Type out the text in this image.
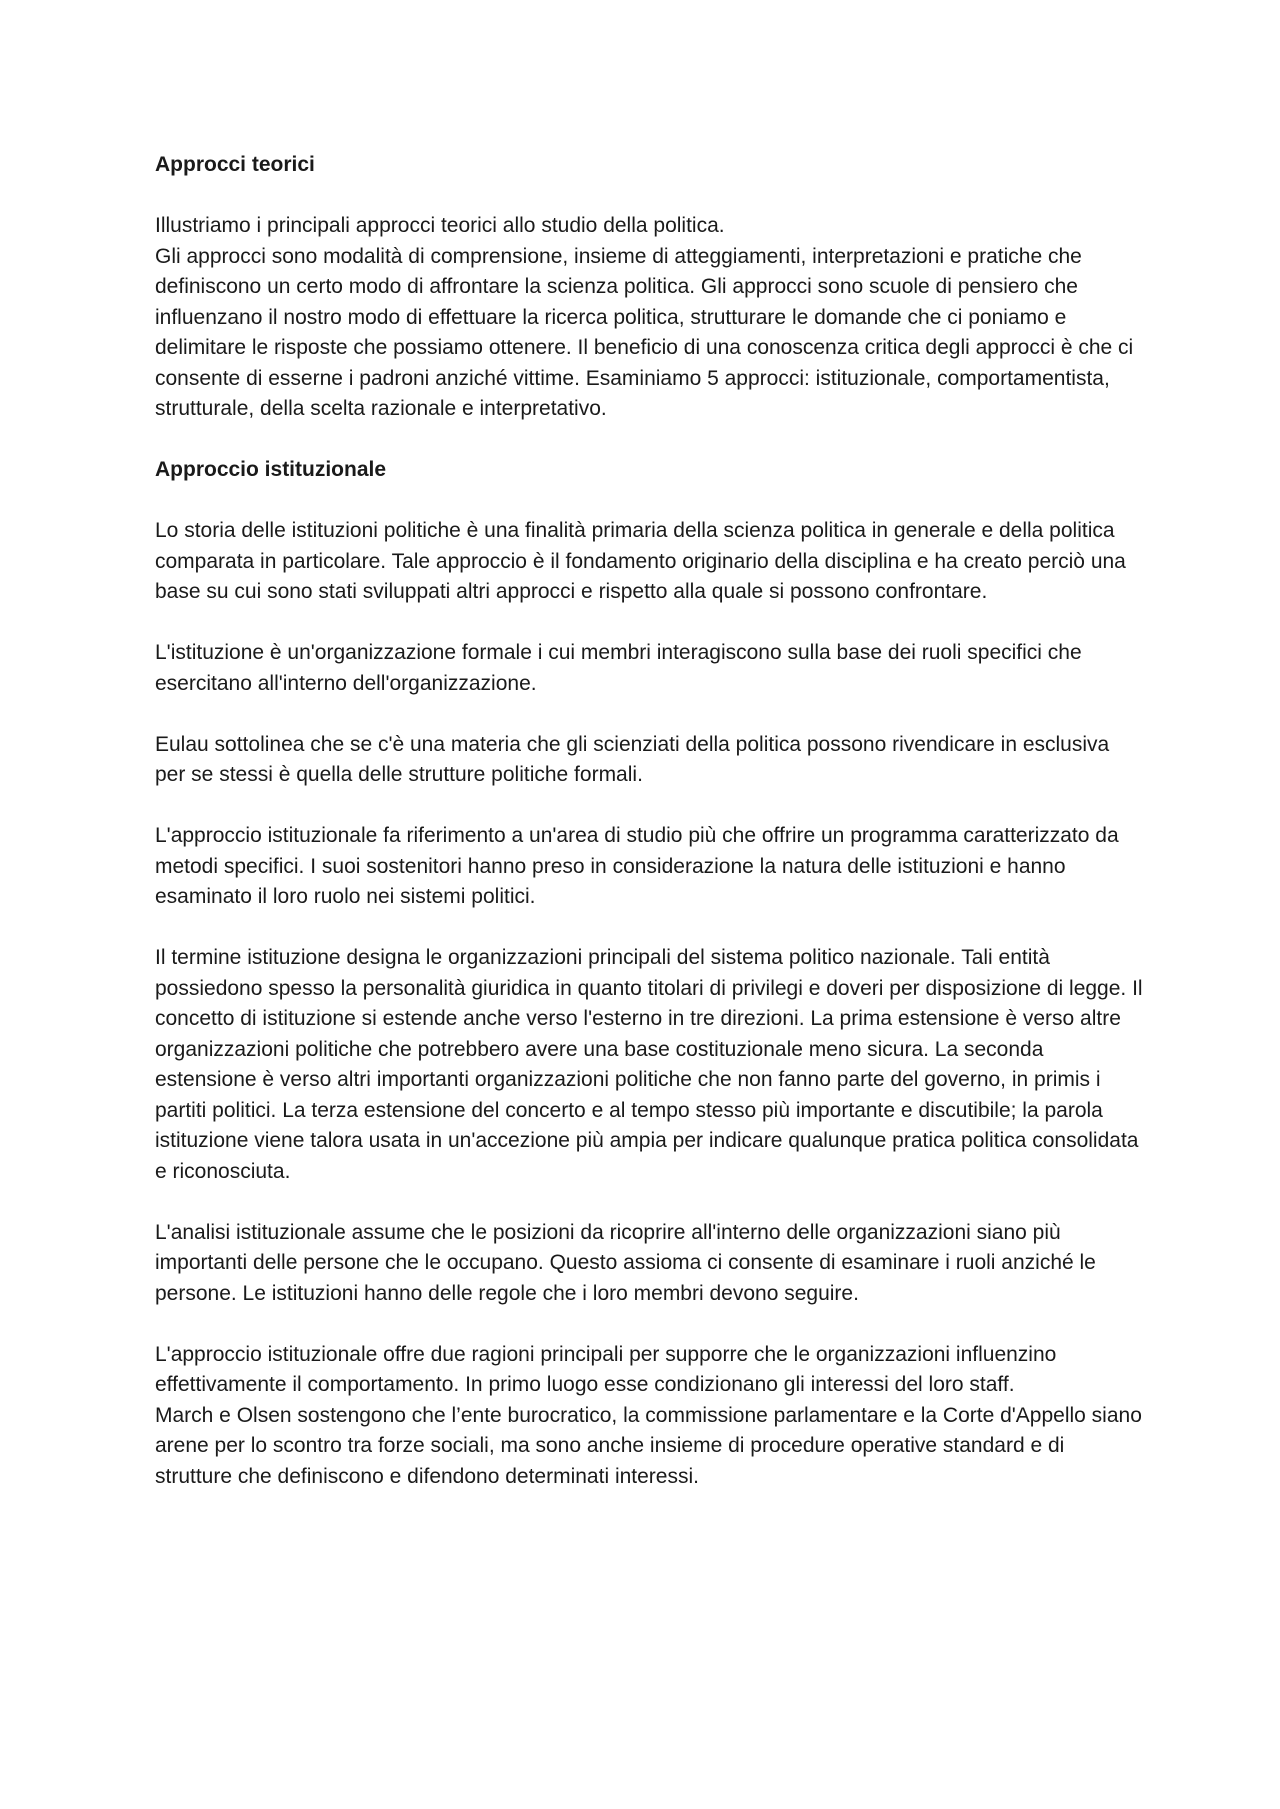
Approcci teorici

Illustriamo i principali approcci teorici allo studio della politica.

Gli approcci sono modalità di comprensione, insieme di atteggiamenti, interpretazioni e pratiche che definiscono un certo modo di affrontare la scienza politica. Gli approcci sono scuole di pensiero che influenzano il nostro modo di effettuare la ricerca politica, strutturare le domande che ci poniamo e delimitare le risposte che possiamo ottenere. Il beneficio di una conoscenza critica degli approcci è che ci consente di esserne i padroni anziché vittime. Esaminiamo 5 approcci: istituzionale, comportamentista, strutturale, della scelta razionale e interpretativo.

Approccio istituzionale

Lo storia delle istituzioni politiche è una finalità primaria della scienza politica in generale e della politica comparata in particolare. Tale approccio è il fondamento originario della disciplina e ha creato perciò una base su cui sono stati sviluppati altri approcci e rispetto alla quale si possono confrontare.

L'istituzione è un'organizzazione formale i cui membri interagiscono sulla base dei ruoli specifici che esercitano all'interno dell'organizzazione.

Eulau sottolinea che se c'è una materia che gli scienziati della politica possono rivendicare in esclusiva per se stessi è quella delle strutture politiche formali.

L'approccio istituzionale fa riferimento a un'area di studio più che offrire un programma caratterizzato da metodi specifici. I suoi sostenitori hanno preso in considerazione la natura delle istituzioni e hanno esaminato il loro ruolo nei sistemi politici.

Il termine istituzione designa le organizzazioni principali del sistema politico nazionale. Tali entità possiedono spesso la personalità giuridica in quanto titolari di privilegi e doveri per disposizione di legge. Il concetto di istituzione si estende anche verso l'esterno in tre direzioni. La prima estensione è verso altre organizzazioni politiche che potrebbero avere una base costituzionale meno sicura. La seconda estensione è verso altri importanti organizzazioni politiche che non fanno parte del governo, in primis i partiti politici. La terza estensione del concerto e al tempo stesso più importante e discutibile; la parola istituzione viene talora usata in un'accezione più ampia per indicare qualunque pratica politica consolidata e riconosciuta.

L'analisi istituzionale assume che le posizioni da ricoprire all'interno delle organizzazioni siano più importanti delle persone che le occupano. Questo assioma ci consente di esaminare i ruoli anziché le persone. Le istituzioni hanno delle regole che i loro membri devono seguire.

L'approccio istituzionale offre due ragioni principali per supporre che le organizzazioni influenzino effettivamente il comportamento. In primo luogo esse condizionano gli interessi del loro staff.

March e Olsen sostengono che l’ente burocratico, la commissione parlamentare e la Corte d'Appello siano arene per lo scontro tra forze sociali, ma sono anche insieme di procedure operative standard e di strutture che definiscono e difendono determinati interessi.
